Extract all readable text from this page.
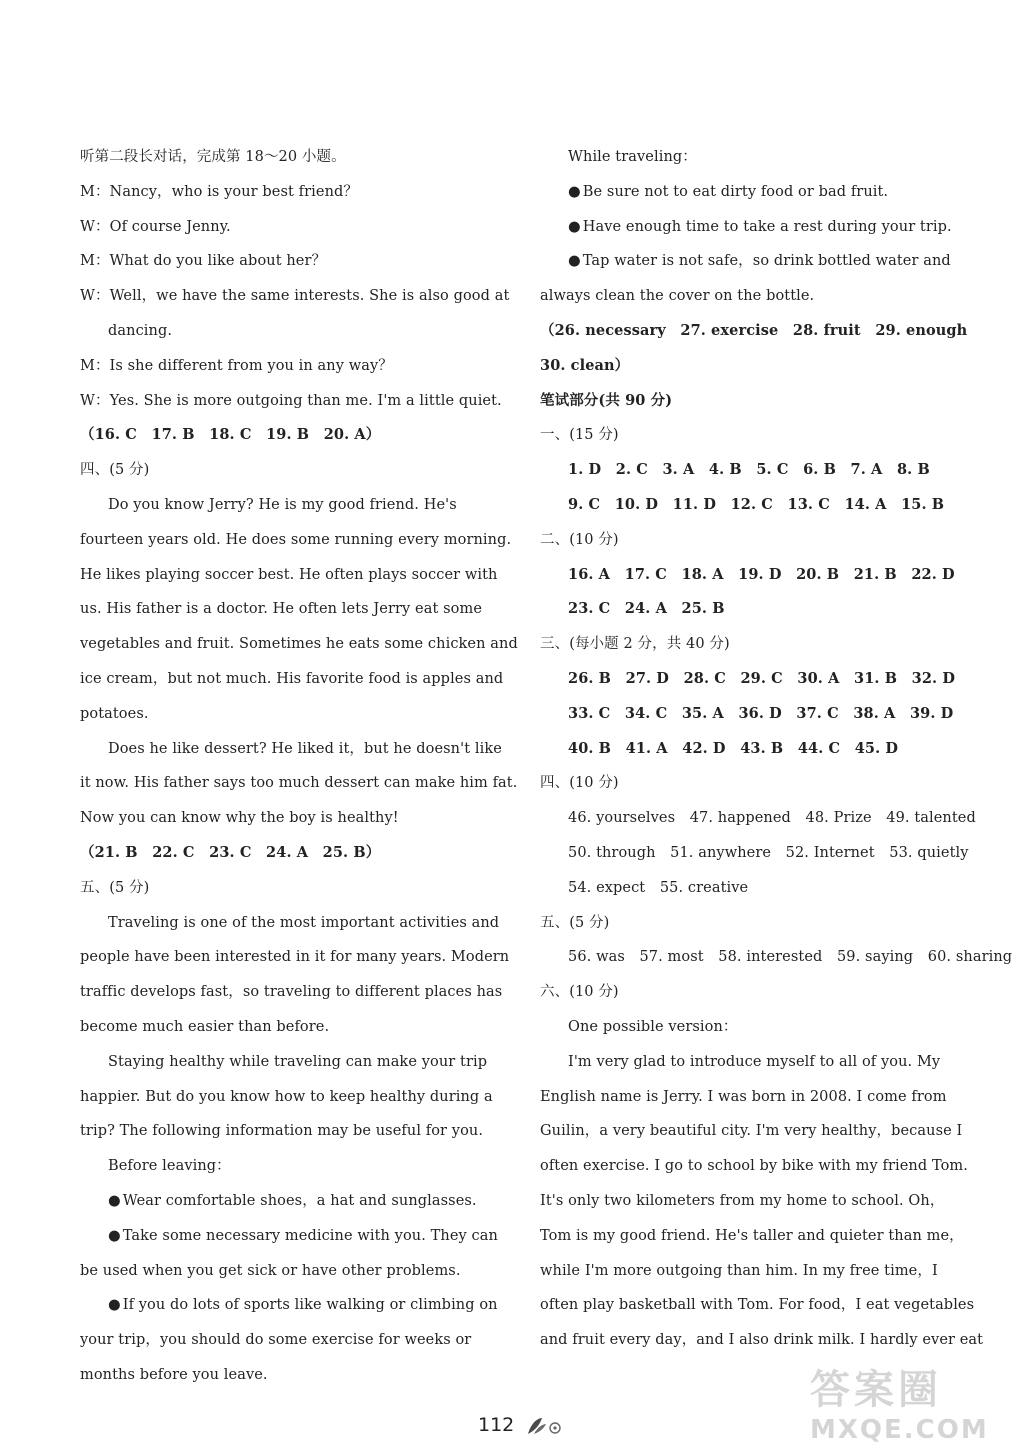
听第二段长对话，完成第 18～20 小题。
M：Nancy，who is your best friend？
W：Of course Jenny.
M：What do you like about her？
W：Well，we have the same interests. She is also good at
dancing.
M：Is she different from you in any way？
W：Yes. She is more outgoing than me. I'm a little quiet.
（16. C　17. B　18. C　19. B　20. A）
四、(5 分)
Do you know Jerry? He is my good friend. He's
fourteen years old. He does some running every morning.
He likes playing soccer best. He often plays soccer with
us. His father is a doctor. He often lets Jerry eat some
vegetables and fruit. Sometimes he eats some chicken and
ice cream，but not much. His favorite food is apples and
potatoes.
Does he like dessert? He liked it，but he doesn't like
it now. His father says too much dessert can make him fat.
Now you can know why the boy is healthy!
（21. B　22. C　23. C　24. A　25. B）
五、(5 分)
Traveling is one of the most important activities and
people have been interested in it for many years. Modern
traffic develops fast，so traveling to different places has
become much easier than before.
Staying healthy while traveling can make your trip
happier. But do you know how to keep healthy during a
trip? The following information may be useful for you.
Before leaving：
● Wear comfortable shoes，a hat and sunglasses.
● Take some necessary medicine with you. They can
be used when you get sick or have other problems.
● If you do lots of sports like walking or climbing on
your trip，you should do some exercise for weeks or
months before you leave.
While traveling：
● Be sure not to eat dirty food or bad fruit.
● Have enough time to take a rest during your trip.
● Tap water is not safe，so drink bottled water and
always clean the cover on the bottle.
（26. necessary　27. exercise　28. fruit　29. enough
30. clean）
笔试部分(共 90 分)
一、(15 分)
1. D　2. C　3. A　4. B　5. C　6. B　7. A　8. B
9. C　10. D　11. D　12. C　13. C　14. A　15. B
二、(10 分)
16. A　17. C　18. A　19. D　20. B　21. B　22. D
23. C　24. A　25. B
三、(每小题 2 分，共 40 分)
26. B　27. D　28. C　29. C　30. A　31. B　32. D
33. C　34. C　35. A　36. D　37. C　38. A　39. D
40. B　41. A　42. D　43. B　44. C　45. D
四、(10 分)
46. yourselves　47. happened　48. Prize　49. talented
50. through　51. anywhere　52. Internet　53. quietly
54. expect　55. creative
五、(5 分)
56. was　57. most　58. interested　59. saying　60. sharing
六、(10 分)
One possible version：
I'm very glad to introduce myself to all of you. My
English name is Jerry. I was born in 2008. I come from
Guilin，a very beautiful city. I'm very healthy，because I
often exercise. I go to school by bike with my friend Tom.
It's only two kilometers from my home to school. Oh，
Tom is my good friend. He's taller and quieter than me，
while I'm more outgoing than him. In my free time，I
often play basketball with Tom. For food，I eat vegetables
and fruit every day，and I also drink milk. I hardly ever eat
112
答案圈
MXQE.COM
